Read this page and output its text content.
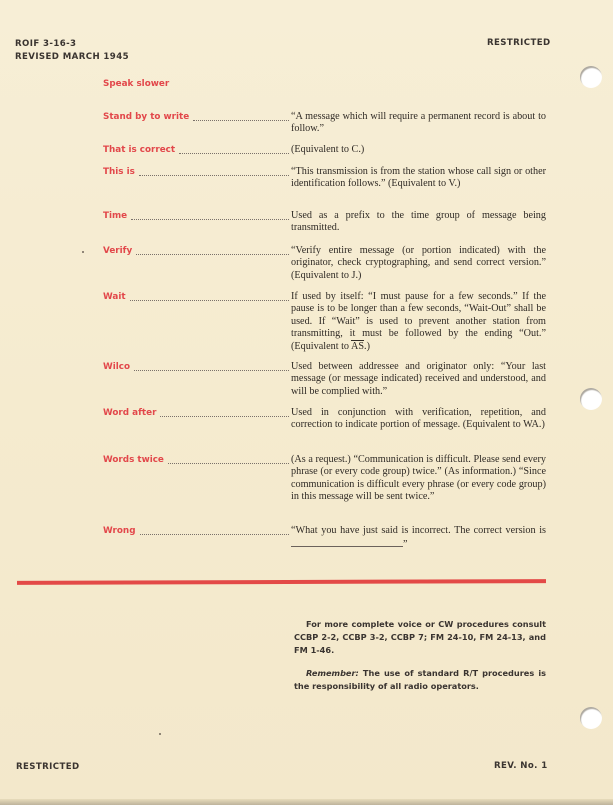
ROIF 3-16-3
REVISED MARCH 1945
RESTRICTED
Speak slower
Stand by to write	“A message which will require a permanent record is about to follow.”
That is correct	(Equivalent to C.)
This is	“This transmission is from the station whose call sign or other identification follows.” (Equivalent to V.)
Time	Used as a prefix to the time group of message being transmitted.
Verify	“Verify entire message (or portion indicated) with the originator, check cryptographing, and send correct version.” (Equivalent to J.)
Wait	If used by itself: “I must pause for a few seconds.” If the pause is to be longer than a few seconds, “Wait-Out” shall be used. If “Wait” is used to prevent another station from transmitting, it must be followed by the ending “Out.” (Equivalent to $\overline{AS}$.)
Wilco	Used between addressee and originator only: “Your last message (or message indicated) received and understood, and will be complied with.”
Word after	Used in conjunction with verification, repetition, and correction to indicate portion of message. (Equivalent to WA.)
Words twice	(As a request.) “Communication is difficult. Please send every phrase (or every code group) twice.” (As information.) “Since communication is difficult every phrase (or every code group) in this message will be sent twice.”
Wrong	“What you have just said is incorrect. The correct version is”
For more complete voice or CW procedures consult CCBP 2-2, CCBP 3-2, CCBP 7; FM 24-10, FM 24-13, and FM 1-46.
Remember: The use of standard R/T procedures is the responsibility of all radio operators.
RESTRICTED	REV. No. 1
